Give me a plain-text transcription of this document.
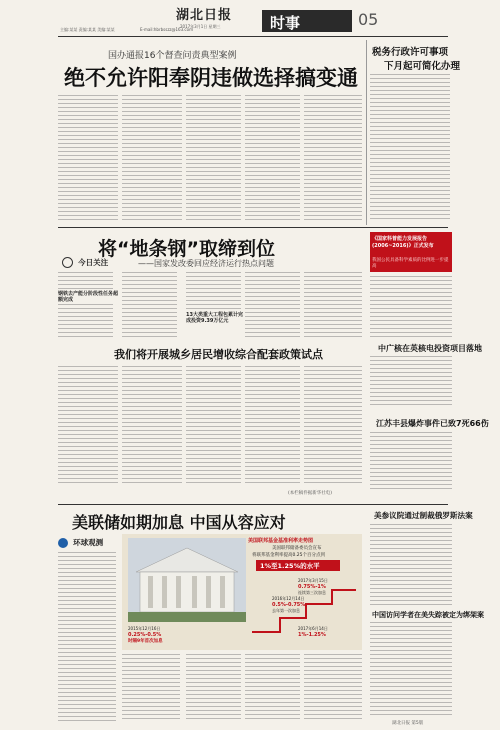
湖北日报
2017年3月1日 星期三
主编:某某 责编:某某 美编:某某	E-mail:hbrbsszz@163.com	时事	05
国办通报16个督查问责典型案例
绝不允许阳奉阴违做选择搞变通
税务行政许可事项
下月起可简化办理
将“地条钢”取缔到位
——国家发改委回应经济运行热点问题
今日关注
钢铁去产能分阶段性任务超额完成
13大类重大工程包累计完成投资9.39万亿元
《国家科普能力发展报告(2006~2016)》正式发布
我国公民具备科学素质的比例进一步提高
中广核在英核电投资项目落地
我们将开展城乡居民增收综合配套政策试点
(本栏稿件据新华社电)
江苏丰县爆炸事件已致7死66伤
美参议院通过制裁俄罗斯法案
美联储如期加息 中国从容应对
环球观测	美国联邦基金基准利率走势图
美国联邦储备委员会宣布
将联邦基金利率提高0.25个百分点到
1%至1.25%的水平
2017年3月15日
0.75%-1%
连续第三次加息
2016年12月14日
0.5%-0.75%
去年第一次加息
2015年12月16日
0.25%-0.5%
时隔9年首次加息
2017年6月14日
1%-1.25%
中国访问学者在美失踪被定为绑架案
湖北日报 第5版
